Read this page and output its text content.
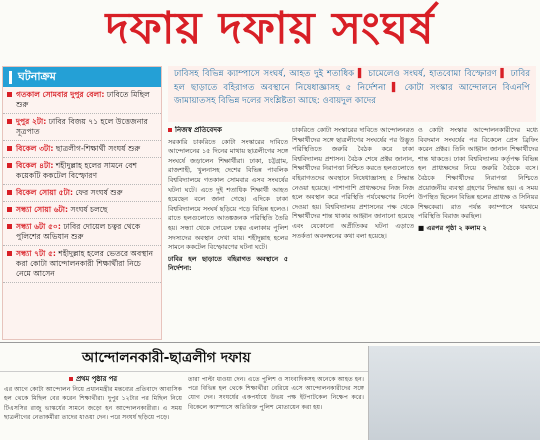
দফায় দফায় সংঘর্ষ
ঘটনাক্রম
গতকাল সোমবার দুপুর বেলা: ঢাবিতে মিছিল শুরু
দুপুর ২টা: ঢাবির বিজয় ৭১ হলে উত্তেজনার সূত্রপাত
বিকেল ৩টা: ছাত্রলীগ-শিক্ষার্থী সংঘর্ষ শুরু
বিকেল ৪টা: শহীদুল্লাহ হলের সামনে বেশ কয়েকটি ককটেল বিস্ফোরণ
বিকেল সোয়া ৫টা: ফের সংঘর্ষ শুরু
সন্ধ্যা সোয়া ৬টা: সংঘর্ষ চলছে
সন্ধ্যা ৬টা ৫০: ঢাবির দোয়েল চত্বর থেকে পুলিশের অভিযান শুরু
সন্ধ্যা ৭টা ৫: শহীদুল্লাহ হলের ভেতরে অবস্থান করা কোটা আন্দোলনকারী শিক্ষার্থীরা নিচে নেমে আসেন
ঢাবিসহ বিভিন্ন ক্যাম্পাসে সংঘর্ষ, আহত দুই শতাধিক ▌ চামেলেও সংঘর্ষ, হাতবোমা বিস্ফোরণ ▌ ঢাবির হল ছাড়াতে বহিরাগত অবস্থানে নিষেধাজ্ঞাসহ ৫ নির্দেশনা ▌ কোটা সংস্কার আন্দোলনে বিএনপি জামায়াতসহ বিভিন্ন দলের সংশ্লিষ্টতা আছে: ওবায়দুল কাদের
নিজস্ব প্রতিবেদক

সরকারি চাকরিতে কোটা সংস্কারের দাবিতে আন্দোলনের ১৫ দিনের মাথায় ছাত্রলীগের সঙ্গে সংঘর্ষে জড়ালেন শিক্ষার্থীরা। ঢাকা, চট্টগ্রাম, রাজশাহী, খুলনাসহ দেশের বিভিন্ন পাবলিক বিশ্ববিদ্যালয়ে গতকাল সোমবার এসব সংঘর্ষের ঘটনা ঘটে। এতে দুই শতাধিক শিক্ষার্থী আহত হয়েছেন বলে জানা গেছে। এদিকে ঢাকা বিশ্ববিদ্যালয়ে সংঘর্ষ ছড়িয়ে পড়ে বিভিন্ন হলেও। রাতে হলগুলোতে আতঙ্কজনক পরিস্থিতি তৈরি হয়। সন্ধ্যা থেকে দোয়েল চত্বর এলাকায় পুলিশ সদস্যদের অবস্থান দেখা যায়। শহীদুল্লাহ হলের সামনে ককটেল বিস্ফোরণের ঘটনা ঘটে।

ঢাবির হল ছাড়াতে বহিরাগত অবস্থানে ৫ নির্দেশনা:

চাকরিতে কোটা সংস্কারের দাবিতে আন্দোলনরত শিক্ষার্থীদের সঙ্গে ছাত্রলীগের সংঘর্ষের পর উদ্ভূত পরিস্থিতিতে জরুরি বৈঠক করে ঢাকা বিশ্ববিদ্যালয় প্রশাসন। বৈঠক শেষে প্রক্টর জানান, শিক্ষার্থীদের নিরাপত্তা নিশ্চিত করতে হলগুলোতে বহিরাগতদের অবস্থানে নিষেধাজ্ঞাসহ ৫ সিদ্ধান্ত নেওয়া হয়েছে। পাশাপাশি প্রাধ্যক্ষদের নিজ নিজ হলে অবস্থান করে পরিস্থিতি পর্যবেক্ষণের নির্দেশ দেওয়া হয়। বিশ্ববিদ্যালয় প্রশাসনের পক্ষ থেকে শিক্ষার্থীদের শান্ত থাকার আহ্বান জানানো হয়েছে এবং যেকোনো অপ্রীতিকর ঘটনা এড়াতে সতর্কতা অবলম্বনের কথা বলা হয়েছে।

ও কোটা সংস্কার আন্দোলনকারীদের মধ্যে বিবদমান সংঘর্ষের পর বিকেলে প্রেস ব্রিফিং করেন প্রক্টর। তিনি আহ্বান জানান শিক্ষার্থীদের শান্ত থাকতে। ঢাকা বিশ্ববিদ্যালয় কর্তৃপক্ষ বিভিন্ন হল প্রাধ্যক্ষদের নিয়ে জরুরি বৈঠকে বসে। বৈঠকে শিক্ষার্থীদের নিরাপত্তা নিশ্চিতে প্রয়োজনীয় ব্যবস্থা গ্রহণের সিদ্ধান্ত হয়। এ সময় উপস্থিত ছিলেন বিভিন্ন হলের প্রাধ্যক্ষ ও সিনিয়র শিক্ষকেরা। রাত পর্যন্ত ক্যাম্পাসে থমথমে পরিস্থিতি বিরাজ করছিল।

■ এরপর পৃষ্ঠা ২ কলাম ২
আন্দোলনকারী-ছাত্রলীগ দফায়
প্রথম পৃষ্ঠার পর

এর আগে কোটা আন্দোলন নিয়ে প্রধানমন্ত্রীর মন্তব্যের প্রতিবাদে আবাসিক হল থেকে মিছিল বের করেন শিক্ষার্থীরা। দুপুর ১২টার পর মিছিল নিয়ে টিএসসির রাজু ভাস্কর্যের সামনে জড়ো হন আন্দোলনকারীরা। এ সময় ছাত্রলীগের নেতাকর্মীরা তাদের ধাওয়া দেন। পরে সংঘর্ষ ছড়িয়ে পড়ে।

তারা পাল্টা ধাওয়া দেন। এতে পুলিশ ও সাংবাদিকসহ অনেকে আহত হন। পরে বিভিন্ন হল থেকে শিক্ষার্থীরা বেরিয়ে এসে আন্দোলনকারীদের সঙ্গে যোগ দেন। সংঘর্ষের একপর্যায়ে উভয় পক্ষ ইটপাটকেল নিক্ষেপ করে। বিকেলে ক্যাম্পাসে অতিরিক্ত পুলিশ মোতায়েন করা হয়।
